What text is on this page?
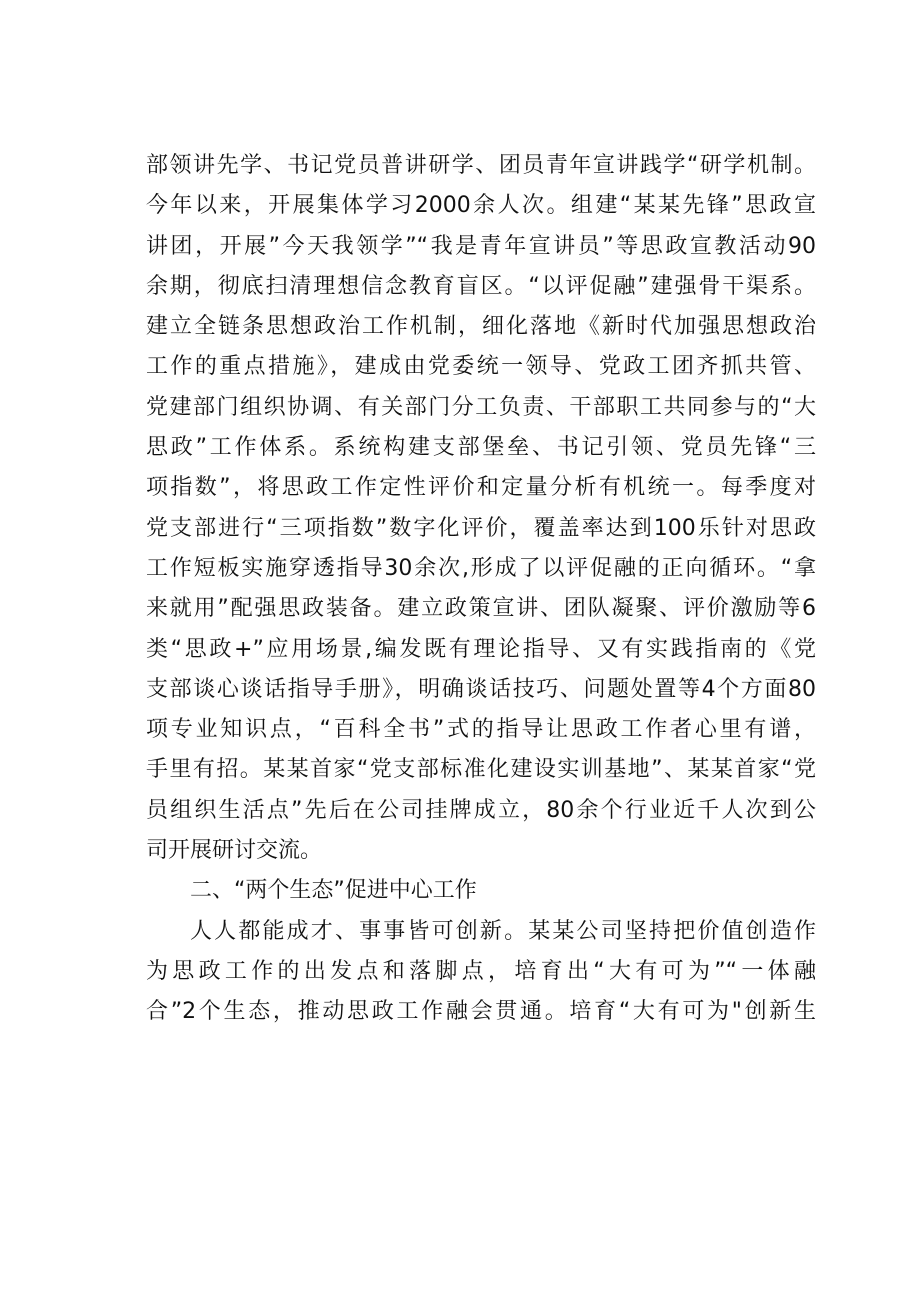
部领讲先学、书记党员普讲研学、团员青年宣讲践学“研学机制。
今年以来，开展集体学习2000余人次。组建“某某先锋”思政宣
讲团，开展”今天我领学”“我是青年宣讲员”等思政宣教活动90
余期，彻底扫清理想信念教育盲区。“以评促融”建强骨干渠系。
建立全链条思想政治工作机制，细化落地《新时代加强思想政治
工作的重点措施》，建成由党委统一领导、党政工团齐抓共管、
党建部门组织协调、有关部门分工负责、干部职工共同参与的“大
思政”工作体系。系统构建支部堡垒、书记引领、党员先锋“三
项指数”，将思政工作定性评价和定量分析有机统一。每季度对
党支部进行“三项指数”数字化评价，覆盖率达到100乐针对思政
工作短板实施穿透指导30余次,形成了以评促融的正向循环。“拿
来就用”配强思政装备。建立政策宣讲、团队凝聚、评价激励等6
类“思政+”应用场景,编发既有理论指导、又有实践指南的《党
支部谈心谈话指导手册》，明确谈话技巧、问题处置等4个方面80
项专业知识点，“百科全书”式的指导让思政工作者心里有谱，
手里有招。某某首家“党支部标准化建设实训基地”、某某首家“党
员组织生活点”先后在公司挂牌成立，80余个行业近千人次到公
司开展研讨交流。
二、“两个生态”促进中心工作
人人都能成才、事事皆可创新。某某公司坚持把价值创造作
为思政工作的出发点和落脚点，培育出“大有可为”“一体融
合”2个生态，推动思政工作融会贯通。培育“大有可为"创新生
